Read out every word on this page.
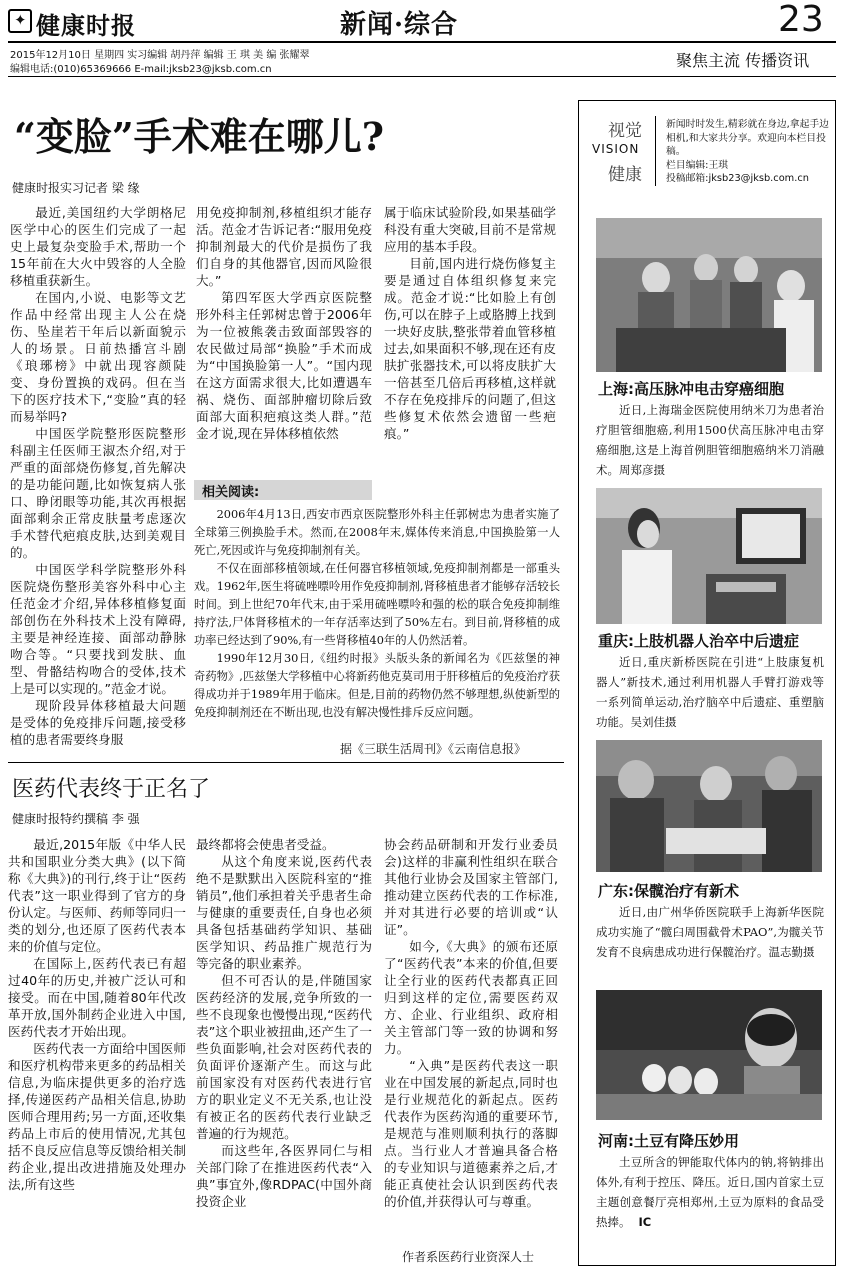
✦ 健康时报	新闻·综合	23
2015年12月10日 星期四 实习编辑 胡丹萍 编辑 王 琪 美 编 张耀翠
编辑电话:(010)65369666 E-mail:jksb23@jksb.com.cn	聚焦主流 传播资讯
“变脸”手术难在哪儿?
健康时报实习记者 梁 缘

最近,美国纽约大学朗格尼医学中心的医生们完成了一起史上最复杂变脸手术,帮助一个15年前在大火中毁容的人全脸移植重获新生。

在国内,小说、电影等文艺作品中经常出现主人公在烧伤、坠崖若干年后以新面貌示人的场景。日前热播宫斗剧《琅琊榜》中就出现容颜陡变、身份置换的戏码。但在当下的医疗技术下,“变脸”真的轻而易举吗?

中国医学院整形医院整形科副主任医师王淑杰介绍,对于严重的面部烧伤修复,首先解决的是功能问题,比如恢复病人张口、睁闭眼等功能,其次再根据面部剩余正常皮肤量考虑逐次手术替代疤痕皮肤,达到美观目的。

中国医学科学院整形外科医院烧伤整形美容外科中心主任范金才介绍,异体移植修复面部创伤在外科技术上没有障碍,主要是神经连接、面部动静脉吻合等。“只要找到发肤、血型、骨骼结构吻合的受体,技术上是可以实现的。”范金才说。

现阶段异体移植最大问题是受体的免疫排斥问题,接受移植的患者需要终身服

用免疫抑制剂,移植组织才能存活。范金才告诉记者:“服用免疫抑制剂最大的代价是损伤了我们自身的其他器官,因而风险很大。”

第四军医大学西京医院整形外科主任郭树忠曾于2006年为一位被熊袭击致面部毁容的农民做过局部“换脸”手术而成为“中国换脸第一人”。“国内现在这方面需求很大,比如遭遇车祸、烧伤、面部肿瘤切除后致面部大面积疤痕这类人群。”范金才说,现在异体移植依然

属于临床试验阶段,如果基础学科没有重大突破,目前不是常规应用的基本手段。

目前,国内进行烧伤修复主要是通过自体组织修复来完成。范金才说:“比如脸上有创伤,可以在脖子上或胳膊上找到一块好皮肤,整张带着血管移植过去,如果面积不够,现在还有皮肤扩张器技术,可以将皮肤扩大一倍甚至几倍后再移植,这样就不存在免疫排斥的问题了,但这些修复术依然会遗留一些疤痕。”

相关阅读:

2006年4月13日,西安市西京医院整形外科主任郭树忠为患者实施了全球第三例换脸手术。然而,在2008年末,媒体传来消息,中国换脸第一人死亡,死因或许与免疫抑制剂有关。

不仅在面部移植领域,在任何器官移植领域,免疫抑制剂都是一部重头戏。1962年,医生将硫唑嘌呤用作免疫抑制剂,肾移植患者才能够存活较长时间。到上世纪70年代末,由于采用硫唑嘌呤和强的松的联合免疫抑制维持疗法,尸体肾移植术的一年存活率达到了50%左右。到目前,肾移植的成功率已经达到了90%,有一些肾移植40年的人仍然活着。

1990年12月30日,《纽约时报》头版头条的新闻名为《匹兹堡的神奇药物》,匹兹堡大学移植中心将新药他克莫司用于肝移植后的免疫治疗获得成功并于1989年用于临床。但是,目前的药物仍然不够理想,纵使新型的免疫抑制剂还在不断出现,也没有解决慢性排斥反应问题。

据《三联生活周刊》《云南信息报》
医药代表终于正名了
健康时报特约撰稿 李 强

最近,2015年版《中华人民共和国职业分类大典》(以下简称《大典》)的刊行,终于让“医药代表”这一职业得到了官方的身份认定。与医师、药师等同归一类的划分,也还原了医药代表本来的价值与定位。

在国际上,医药代表已有超过40年的历史,并被广泛认可和接受。而在中国,随着80年代改革开放,国外制药企业进入中国,医药代表才开始出现。

医药代表一方面给中国医师和医疗机构带来更多的药品相关信息,为临床提供更多的治疗选择,传递医药产品相关信息,协助医师合理用药;另一方面,还收集药品上市后的使用情况,尤其包括不良反应信息等反馈给相关制药企业,提出改进措施及处理办法,所有这些

最终都将会使患者受益。

从这个角度来说,医药代表绝不是默默出入医院科室的“推销员”,他们承担着关乎患者生命与健康的重要责任,自身也必须具备包括基础药学知识、基础医学知识、药品推广规范行为等完备的职业素养。

但不可否认的是,伴随国家医药经济的发展,竞争所致的一些不良现象也慢慢出现,“医药代表”这个职业被扭曲,还产生了一些负面影响,社会对医药代表的负面评价逐渐产生。而这与此前国家没有对医药代表进行官方的职业定义不无关系,也让没有被正名的医药代表行业缺乏普遍的行为规范。

而这些年,各医界同仁与相关部门除了在推进医药代表“入典”事宜外,像RDPAC(中国外商投资企业

协会药品研制和开发行业委员会)这样的非赢利性组织在联合其他行业协会及国家主管部门,推动建立医药代表的工作标准,并对其进行必要的培训或“认证”。

如今,《大典》的颁布还原了“医药代表”本来的价值,但要让全行业的医药代表都真正回归到这样的定位,需要医药双方、企业、行业组织、政府相关主管部门等一致的协调和努力。

“入典”是医药代表这一职业在中国发展的新起点,同时也是行业规范化的新起点。医药代表作为医药沟通的重要环节,是规范与准则顺利执行的落脚点。当行业人才普遍具备合格的专业知识与道德素养之后,才能正真使社会认识到医药代表的价值,并获得认可与尊重。

作者系医药行业资深人士
视觉
VISION
健康
新闻时时发生,精彩就在身边,拿起手边相机,和大家共分享。欢迎向本栏目投稿。
栏目编辑:王琪
投稿邮箱:jksb23@jksb.com.cn
上海:高压脉冲电击穿癌细胞

近日,上海瑞金医院使用纳米刀为患者治疗胆管细胞癌,利用1500伏高压脉冲电击穿癌细胞,这是上海首例胆管细胞癌纳米刀消融术。周郑彦摄

重庆:上肢机器人治卒中后遗症

近日,重庆新桥医院在引进“上肢康复机器人”新技术,通过利用机器人手臂打游戏等一系列简单运动,治疗脑卒中后遗症、重塑脑功能。吴刘佳摄

广东:保髋治疗有新术

近日,由广州华侨医院联手上海新华医院成功实施了“髋臼周围截骨术PAO”,为髋关节发育不良病患成功进行保髋治疗。温志勤摄

河南:土豆有降压妙用

土豆所含的钾能取代体内的钠,将钠排出体外,有利于控压、降压。近日,国内首家土豆主题创意餐厅亮相郑州,土豆为原料的食品受热捧。 IC
